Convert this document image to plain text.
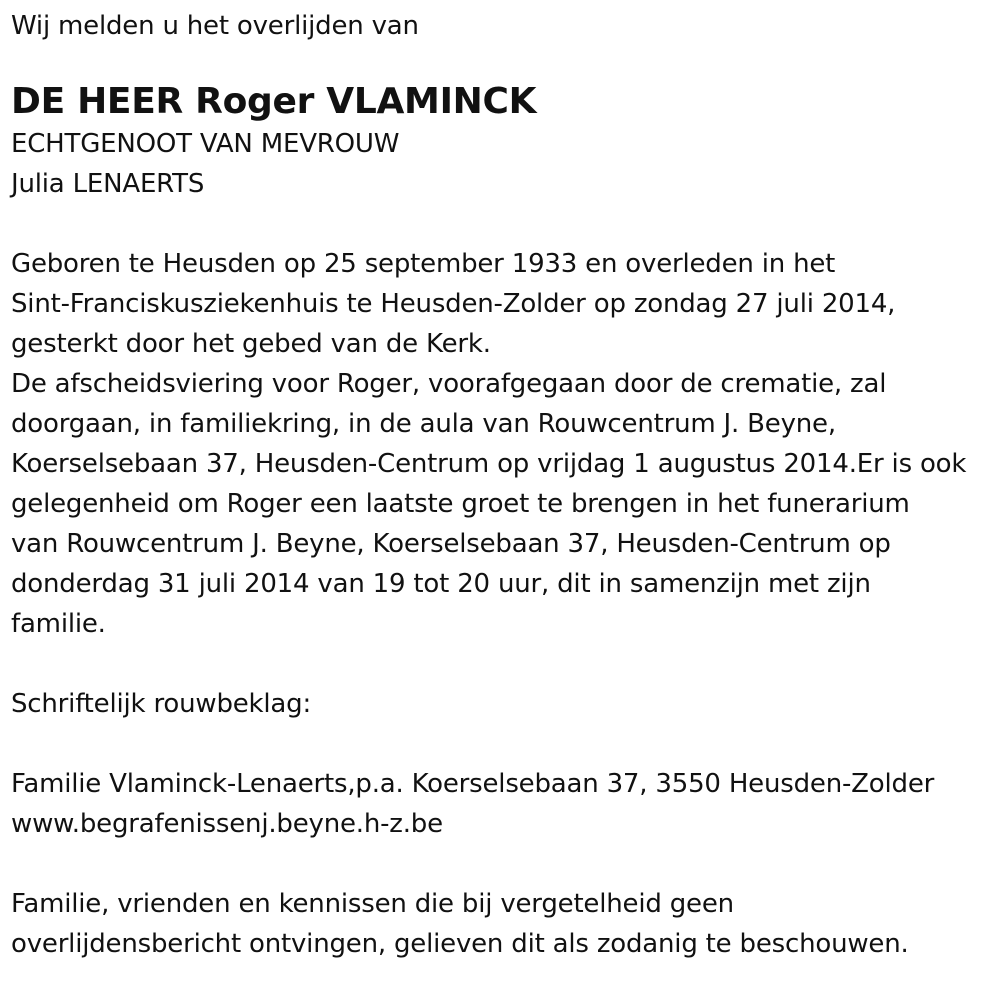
Wij melden u het overlijden van

DE HEER Roger VLAMINCK

ECHTGENOOT VAN MEVROUW

Julia LENAERTS

Geboren te Heusden op 25 september 1933 en overleden in het

Sint-Franciskusziekenhuis te Heusden-Zolder op zondag 27 juli 2014,

gesterkt door het gebed van de Kerk.

De afscheidsviering voor Roger, voorafgegaan door de crematie, zal

doorgaan, in familiekring, in de aula van Rouwcentrum J. Beyne,

Koerselsebaan 37, Heusden-Centrum op vrijdag 1 augustus 2014.Er is ook

gelegenheid om Roger een laatste groet te brengen in het funerarium

van Rouwcentrum J. Beyne, Koerselsebaan 37, Heusden-Centrum op

donderdag 31 juli 2014 van 19 tot 20 uur, dit in samenzijn met zijn

familie.

Schriftelijk rouwbeklag:

Familie Vlaminck-Lenaerts,p.a. Koerselsebaan 37, 3550 Heusden-Zolder

www.begrafenissenj.beyne.h-z.be

Familie, vrienden en kennissen die bij vergetelheid geen

overlijdensbericht ontvingen, gelieven dit als zodanig te beschouwen.
